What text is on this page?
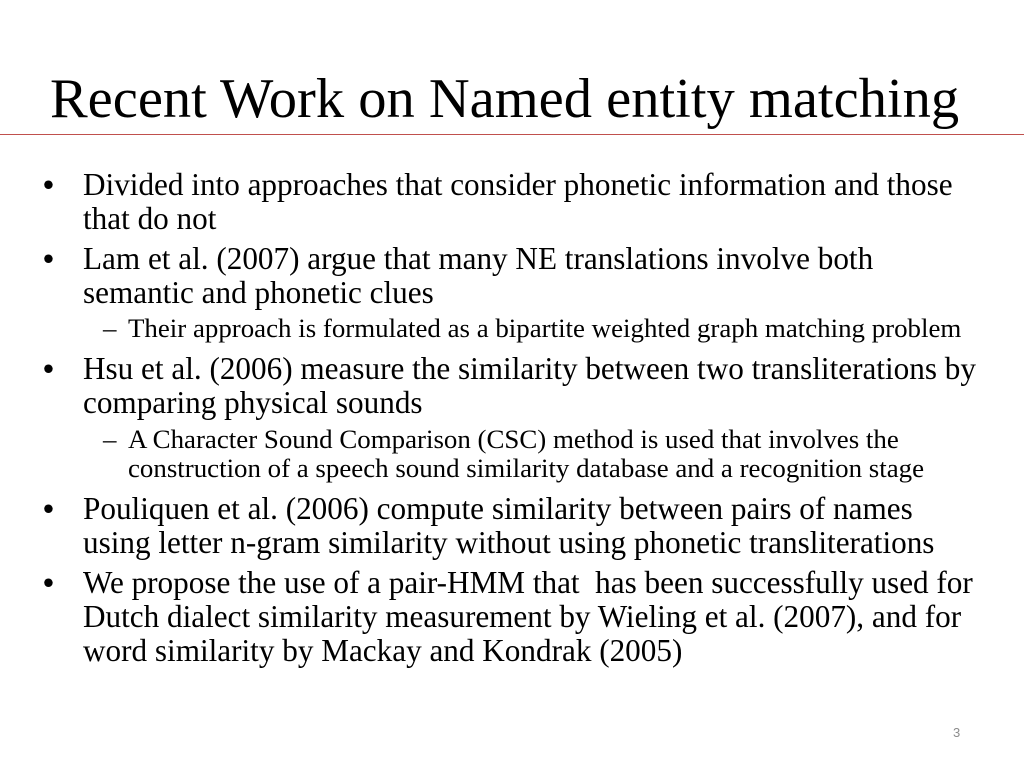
Recent Work on Named entity matching
• Divided into approaches that consider phonetic information and those
that do not
• Lam et al. (2007) argue that many NE translations involve both
semantic and phonetic clues
– Their approach is formulated as a bipartite weighted graph matching problem
• Hsu et al. (2006) measure the similarity between two transliterations by
comparing physical sounds
– A Character Sound Comparison (CSC) method is used that involves the
construction of a speech sound similarity database and a recognition stage
• Pouliquen et al. (2006) compute similarity between pairs of names
using letter n-gram similarity without using phonetic transliterations
• We propose the use of a pair-HMM that  has been successfully used for
Dutch dialect similarity measurement by Wieling et al. (2007), and for
word similarity by Mackay and Kondrak (2005)
3
